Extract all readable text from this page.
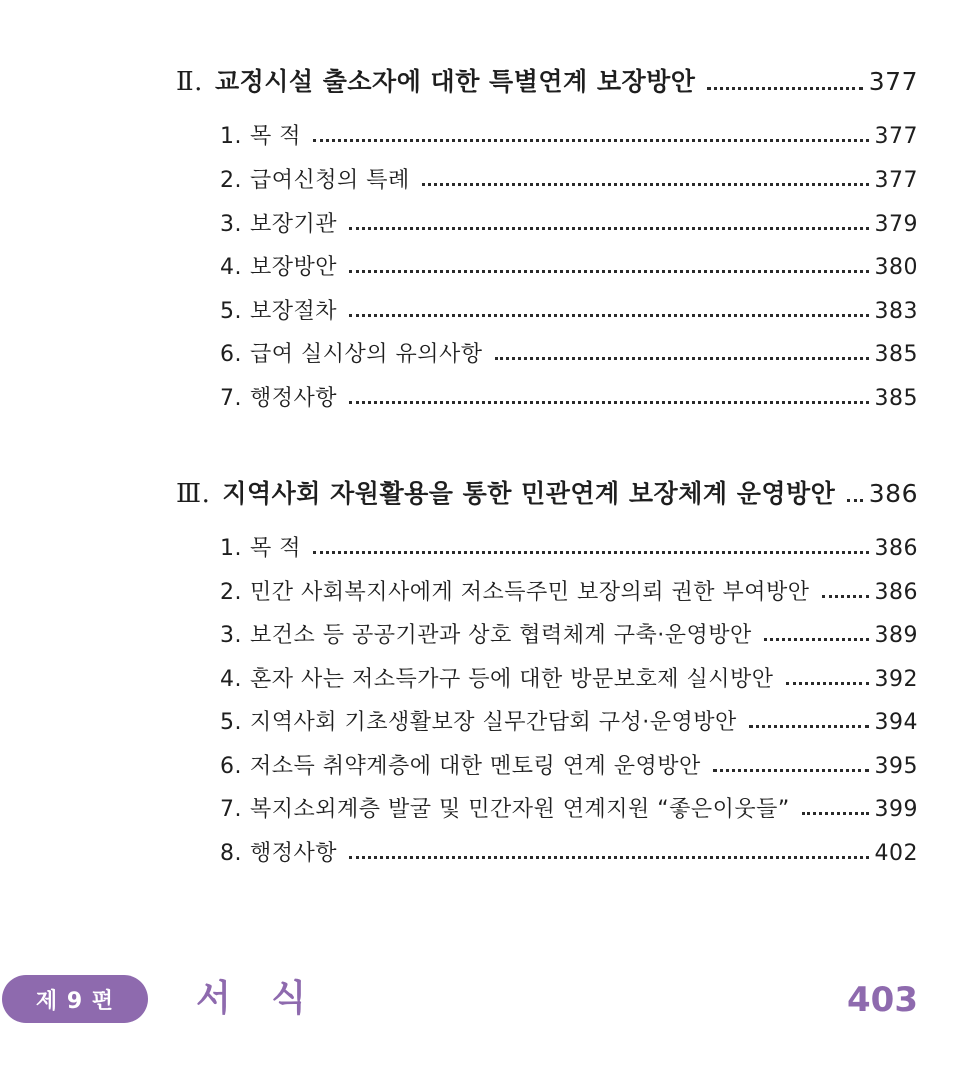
Ⅱ. 교정시설 출소자에 대한 특별연계 보장방안	377
1. 목 적	377
2. 급여신청의 특례	377
3. 보장기관	379
4. 보장방안	380
5. 보장절차	383
6. 급여 실시상의 유의사항	385
7. 행정사항	385
Ⅲ. 지역사회 자원활용을 통한 민관연계 보장체계 운영방안 386
1. 목 적	386
2. 민간 사회복지사에게 저소득주민 보장의뢰 권한 부여방안	386
3. 보건소 등 공공기관과 상호 협력체계 구축·운영방안	389
4. 혼자 사는 저소득가구 등에 대한 방문보호제 실시방안	392
5. 지역사회 기초생활보장 실무간담회 구성·운영방안	394
6. 저소득 취약계층에 대한 멘토링 연계 운영방안	395
7. 복지소외계층 발굴 및 민간자원 연계지원 “좋은이웃들”	399
8. 행정사항	402
제 9 편	서 식	403
